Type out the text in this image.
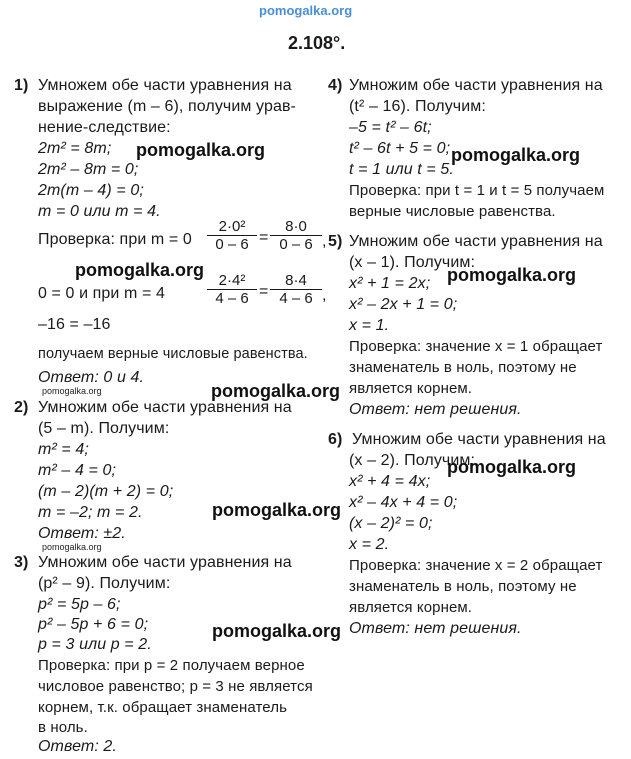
pomogalka.org
2.108°.
1) Умножем обе части уравнения на
выражение (m – 6), получим урав-
нение-следствие:
2m² = 8m;
2m² – 8m = 0;
2m(m – 4) = 0;
m = 0 или m = 4.
Проверка: при $m = 0 \frac{\text{2·0²}}{0 - 6} = \frac{8\cdot 0}{0 - 6}$ ,
0 = 0 и при m = 4	$\frac{\text{2·4²}}{4 - 6} = \frac{8\cdot 4}{4 - 6}$ ,
–16 = –16
получаем верные числовые равенства.
Ответ: 0 и 4.
2) Умножим обе части уравнения на
(5 – m). Получим:
m² = 4;
m² – 4 = 0;
(m – 2)(m + 2) = 0;
m = –2; m = 2.
Ответ: ±2.
3) Умножим обе части уравнения на
(p² – 9). Получим:
p² = 5p – 6;
p² – 5p + 6 = 0;
p = 3 или p = 2.
Проверка: при p = 2 получаем верное
числовое равенство; p = 3 не является
корнем, т.к. обращает знаменатель
в ноль.
Ответ: 2.
4) Умножим обе части уравнения на
(t² – 16). Получим:
–5 = t² – 6t;
t² – 6t + 5 = 0;
t = 1 или t = 5.
Проверка: при t = 1 и t = 5 получаем
верные числовые равенства.
5) Умножим обе части уравнения на
(x – 1). Получим:
x² + 1 = 2x;
x² – 2x + 1 = 0;
x = 1.
Проверка: значение x = 1 обращает
знаменатель в ноль, поэтому не
является корнем.
Ответ: нет решения.
6) Умножим обе части уравнения на
(x – 2). Получим:
x² + 4 = 4x;
x² – 4x + 4 = 0;
(x – 2)² = 0;
x = 2.
Проверка: значение x = 2 обращает
знаменатель в ноль, поэтому не
является корнем.
Ответ: нет решения.
pomogalka.org	pomogalka.org
pomogalka.org	pomogalka.org
pomogalka.org
pomogalka.org
pomogalka.org
pomogalka.org
pomogalka.org
pomogalka.org
